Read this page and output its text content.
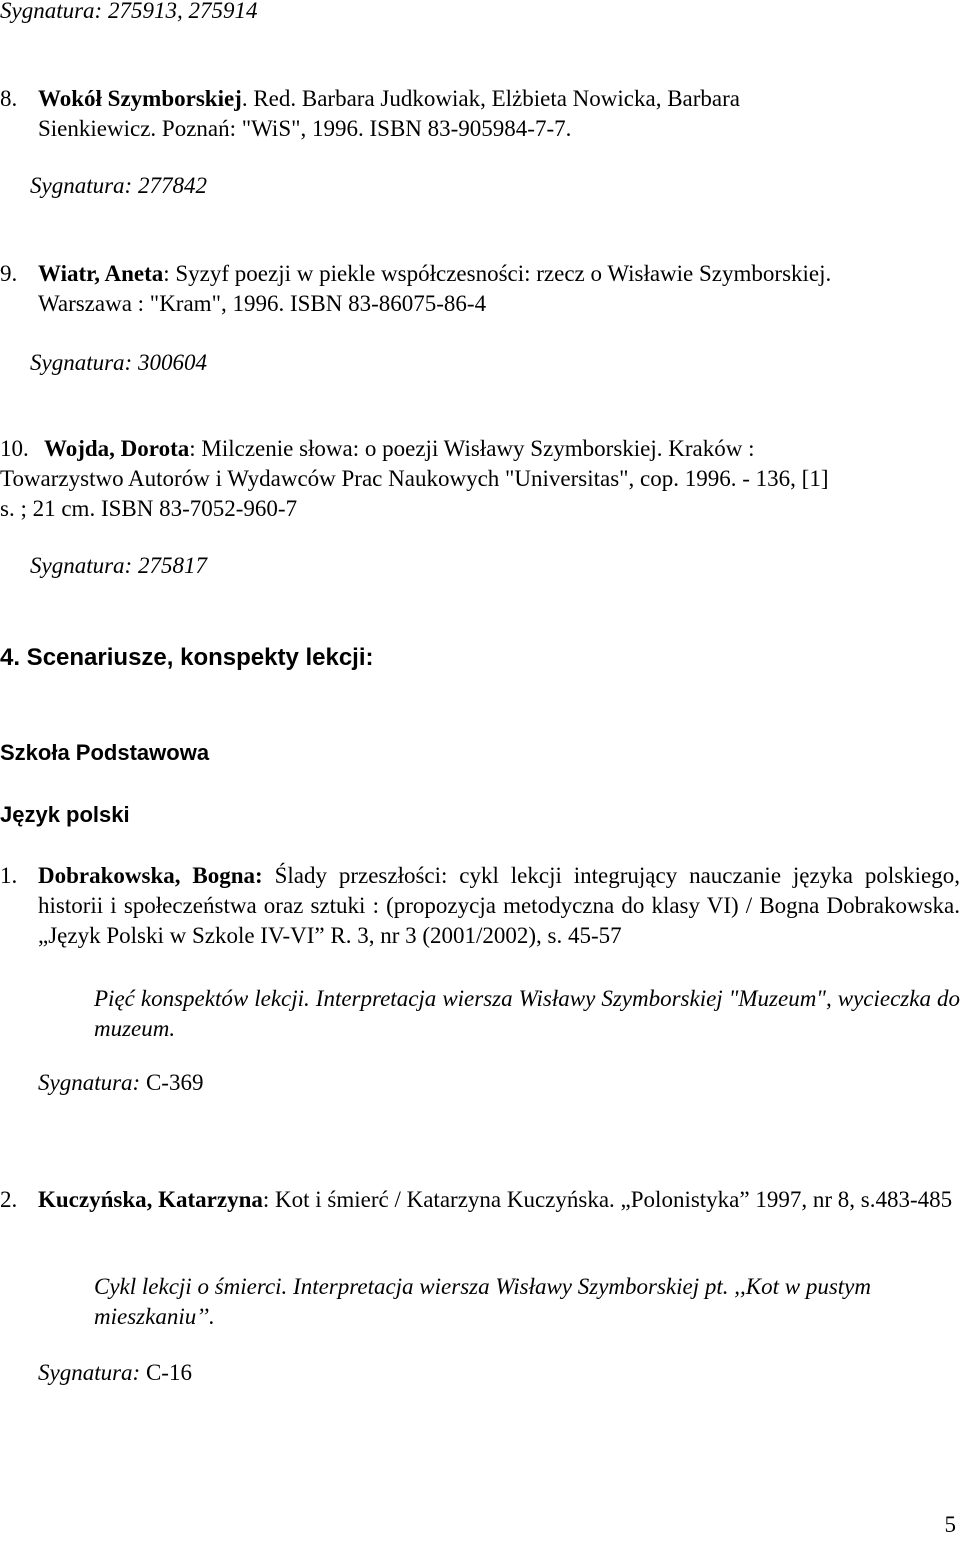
Sygnatura: 275913, 275914
8. Wokół Szymborskiej. Red. Barbara Judkowiak, Elżbieta Nowicka, Barbara
Sienkiewicz. Poznań: "WiS", 1996. ISBN 83-905984-7-7.
Sygnatura: 277842
9. Wiatr, Aneta: Syzyf poezji w piekle współczesności: rzecz o Wisławie Szymborskiej.
Warszawa : "Kram", 1996. ISBN 83-86075-86-4
Sygnatura: 300604
10. Wojda, Dorota: Milczenie słowa: o poezji Wisławy Szymborskiej. Kraków :
Towarzystwo Autorów i Wydawców Prac Naukowych "Universitas", cop. 1996. - 136, [1]
s. ; 21 cm. ISBN 83-7052-960-7
Sygnatura: 275817
4. Scenariusze, konspekty lekcji:
Szkoła Podstawowa
Język polski
1. Dobrakowska, Bogna: Ślady przeszłości: cykl lekcji integrujący nauczanie języka polskiego, historii i społeczeństwa oraz sztuki : (propozycja metodyczna do klasy VI) / Bogna Dobrakowska. „Język Polski w Szkole IV-VI” R. 3, nr 3 (2001/2002), s. 45-57
Pięć konspektów lekcji. Interpretacja wiersza Wisławy Szymborskiej "Muzeum", wycieczka do muzeum.
Sygnatura: C-369
2. Kuczyńska, Katarzyna: Kot i śmierć / Katarzyna Kuczyńska. „Polonistyka” 1997, nr 8, s.483-485
Cykl lekcji o śmierci. Interpretacja wiersza Wisławy Szymborskiej pt. ,,Kot w pustym mieszkaniu’’.
Sygnatura: C-16
5
